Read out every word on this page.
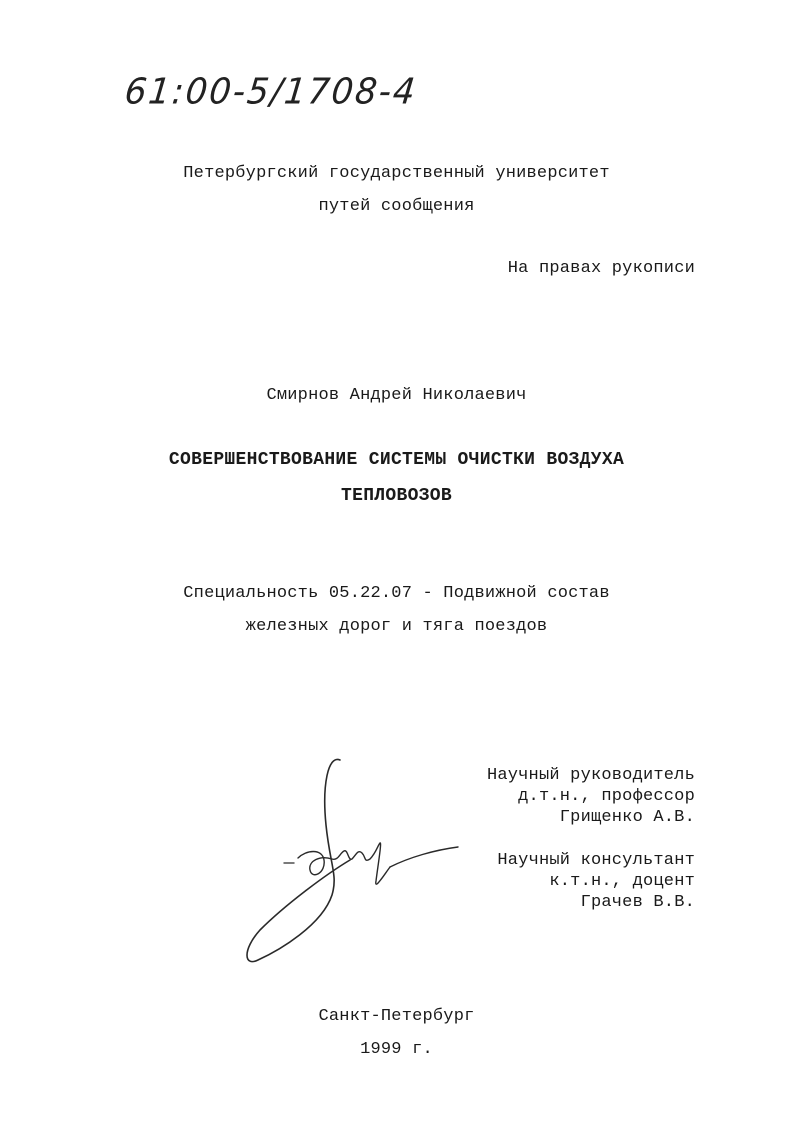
61:00-5/1708-4
Петербургский государственный университет
путей сообщения
На правах рукописи
Смирнов Андрей Николаевич
СОВЕРШЕНСТВОВАНИЕ СИСТЕМЫ ОЧИСТКИ ВОЗДУХА
ТЕПЛОВОЗОВ
Специальность 05.22.07 - Подвижной состав
железных дорог и тяга поездов
Научный руководитель
д.т.н., профессор
Грищенко А.В.
Научный консультант
к.т.н., доцент
Грачев В.В.
Санкт-Петербург
1999 г.
